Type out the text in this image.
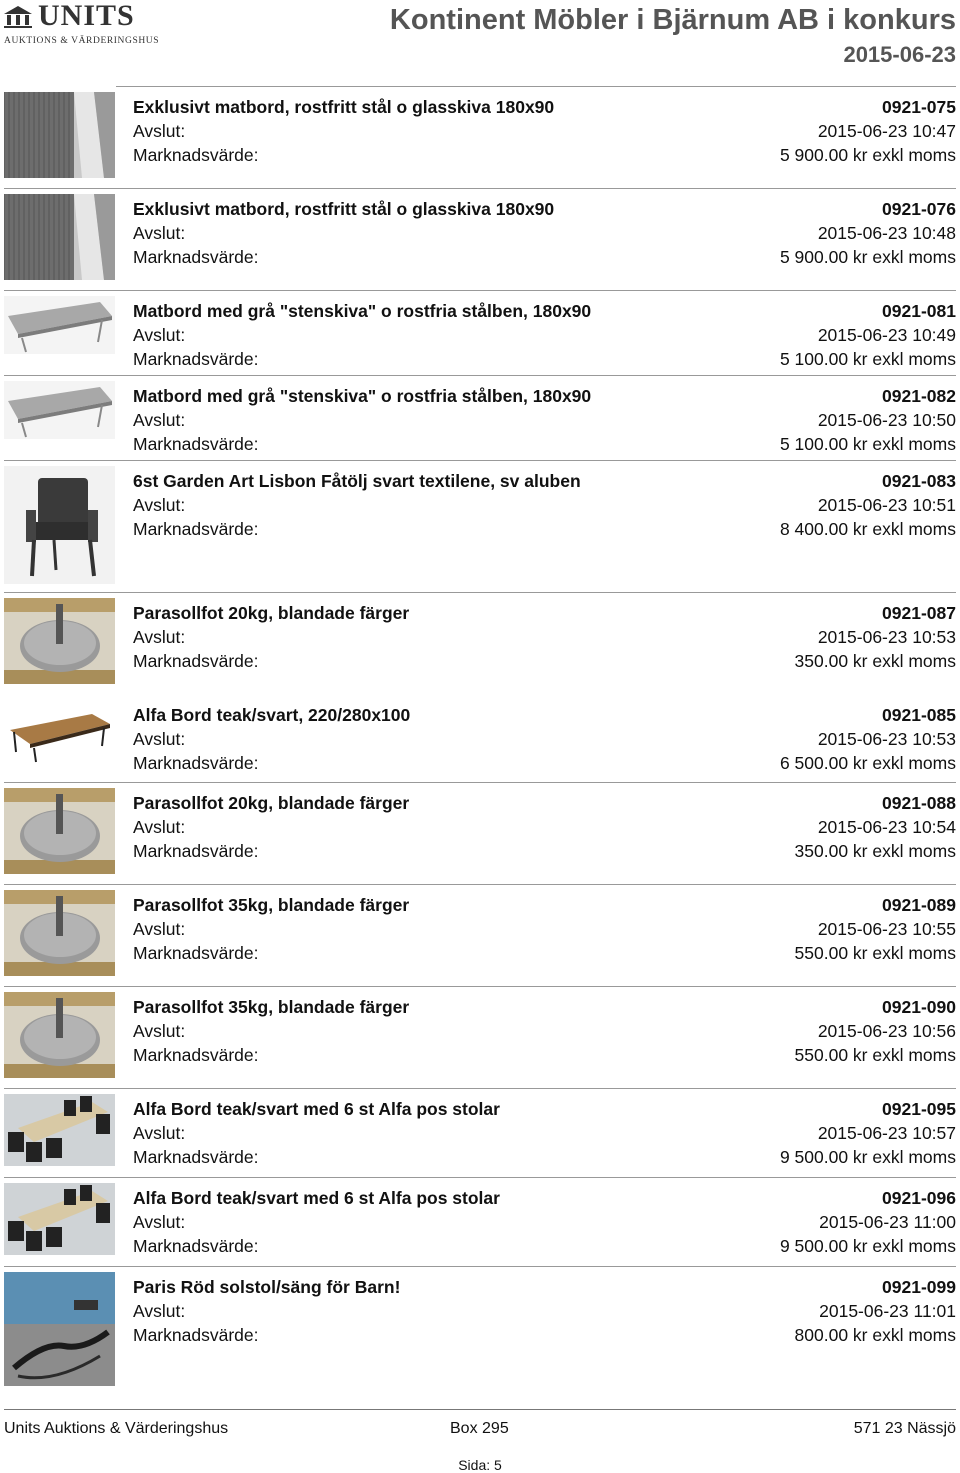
UNITS
AUKTIONS & VÄRDERINGSHUS
Kontinent Möbler i Bjärnum AB i konkurs
2015-06-23
Exklusivt matbord, rostfritt stål o glasskiva 180x90
Avslut:
Marknadsvärde:
0921-075
2015-06-23 10:47
5 900.00 kr exkl moms
Exklusivt matbord, rostfritt stål o glasskiva 180x90
Avslut:
Marknadsvärde:
0921-076
2015-06-23 10:48
5 900.00 kr exkl moms
Matbord med grå "stenskiva" o rostfria stålben, 180x90
Avslut:
Marknadsvärde:
0921-081
2015-06-23 10:49
5 100.00 kr exkl moms
Matbord med grå "stenskiva" o rostfria stålben, 180x90
Avslut:
Marknadsvärde:
0921-082
2015-06-23 10:50
5 100.00 kr exkl moms
6st Garden Art Lisbon Fåtölj svart textilene, sv aluben
Avslut:
Marknadsvärde:
0921-083
2015-06-23 10:51
8 400.00 kr exkl moms
Parasollfot 20kg, blandade färger
Avslut:
Marknadsvärde:
0921-087
2015-06-23 10:53
350.00 kr exkl moms
Alfa Bord teak/svart, 220/280x100
Avslut:
Marknadsvärde:
0921-085
2015-06-23 10:53
6 500.00 kr exkl moms
Parasollfot 20kg, blandade färger
Avslut:
Marknadsvärde:
0921-088
2015-06-23 10:54
350.00 kr exkl moms
Parasollfot 35kg, blandade färger
Avslut:
Marknadsvärde:
0921-089
2015-06-23 10:55
550.00 kr exkl moms
Parasollfot 35kg, blandade färger
Avslut:
Marknadsvärde:
0921-090
2015-06-23 10:56
550.00 kr exkl moms
Alfa Bord teak/svart med 6 st Alfa pos stolar
Avslut:
Marknadsvärde:
0921-095
2015-06-23 10:57
9 500.00 kr exkl moms
Alfa Bord teak/svart med 6 st Alfa pos stolar
Avslut:
Marknadsvärde:
0921-096
2015-06-23 11:00
9 500.00 kr exkl moms
Paris Röd solstol/säng för Barn!
Avslut:
Marknadsvärde:
0921-099
2015-06-23 11:01
800.00 kr exkl moms
Units Auktions & Värderingshus	Box 295	571 23 Nässjö
Sida: 5
